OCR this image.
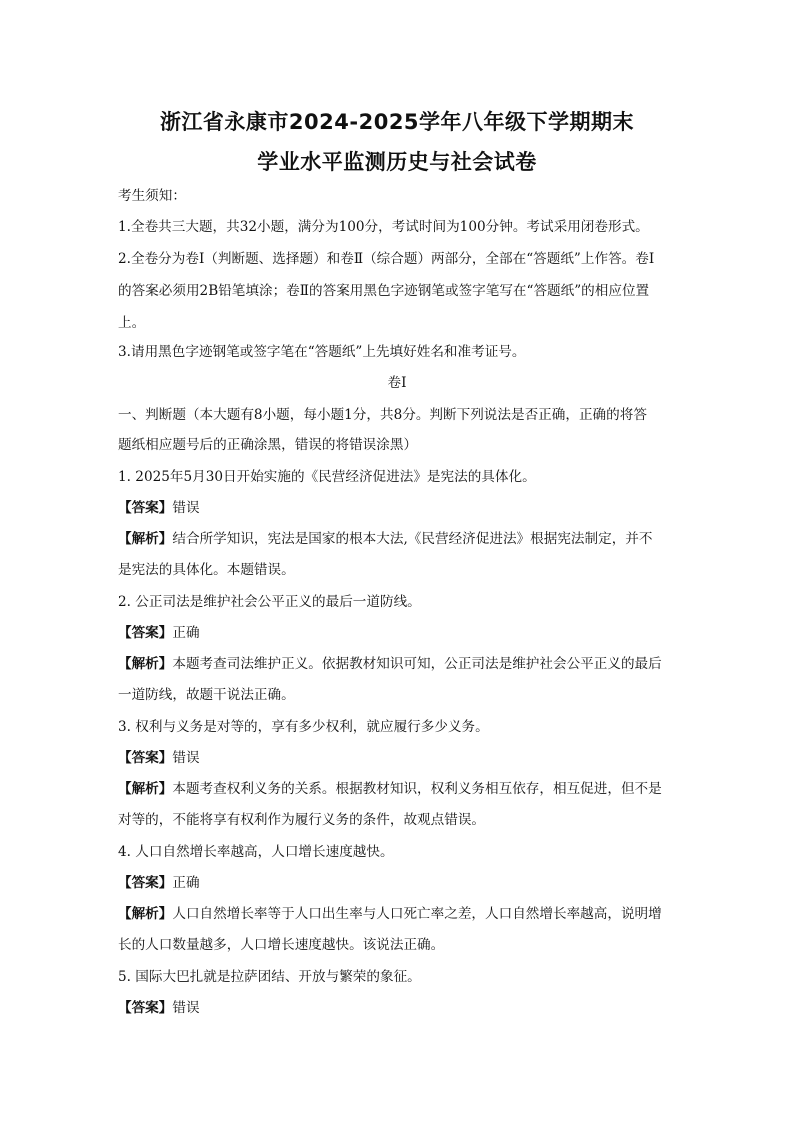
浙江省永康市2024-2025学年八年级下学期期末
学业水平监测历史与社会试卷
考生须知：
1.全卷共三大题，共32小题，满分为100分，考试时间为100分钟。考试采用闭卷形式。
2.全卷分为卷Ⅰ（判断题、选择题）和卷Ⅱ（综合题）两部分，全部在“答题纸”上作答。卷Ⅰ
的答案必须用2B铅笔填涂；卷Ⅱ的答案用黑色字迹钢笔或签字笔写在“答题纸”的相应位置
上。
3.请用黑色字迹钢笔或签字笔在“答题纸”上先填好姓名和准考证号。
卷Ⅰ
一、判断题（本大题有8小题，每小题1分，共8分。判断下列说法是否正确，正确的将答
题纸相应题号后的正确涂黑，错误的将错误涂黑）
1. 2025年5月30日开始实施的《民营经济促进法》是宪法的具体化。
【答案】错误
【解析】结合所学知识，宪法是国家的根本大法,《民营经济促进法》根据宪法制定，并不
是宪法的具体化。本题错误。
2. 公正司法是维护社会公平正义的最后一道防线。
【答案】正确
【解析】本题考查司法维护正义。依据教材知识可知，公正司法是维护社会公平正义的最后
一道防线，故题干说法正确。
3. 权利与义务是对等的，享有多少权利，就应履行多少义务。
【答案】错误
【解析】本题考查权利义务的关系。根据教材知识，权利义务相互依存，相互促进，但不是
对等的，不能将享有权利作为履行义务的条件，故观点错误。
4. 人口自然增长率越高，人口增长速度越快。
【答案】正确
【解析】人口自然增长率等于人口出生率与人口死亡率之差，人口自然增长率越高，说明增
长的人口数量越多，人口增长速度越快。该说法正确。
5. 国际大巴扎就是拉萨团结、开放与繁荣的象征。
【答案】错误
